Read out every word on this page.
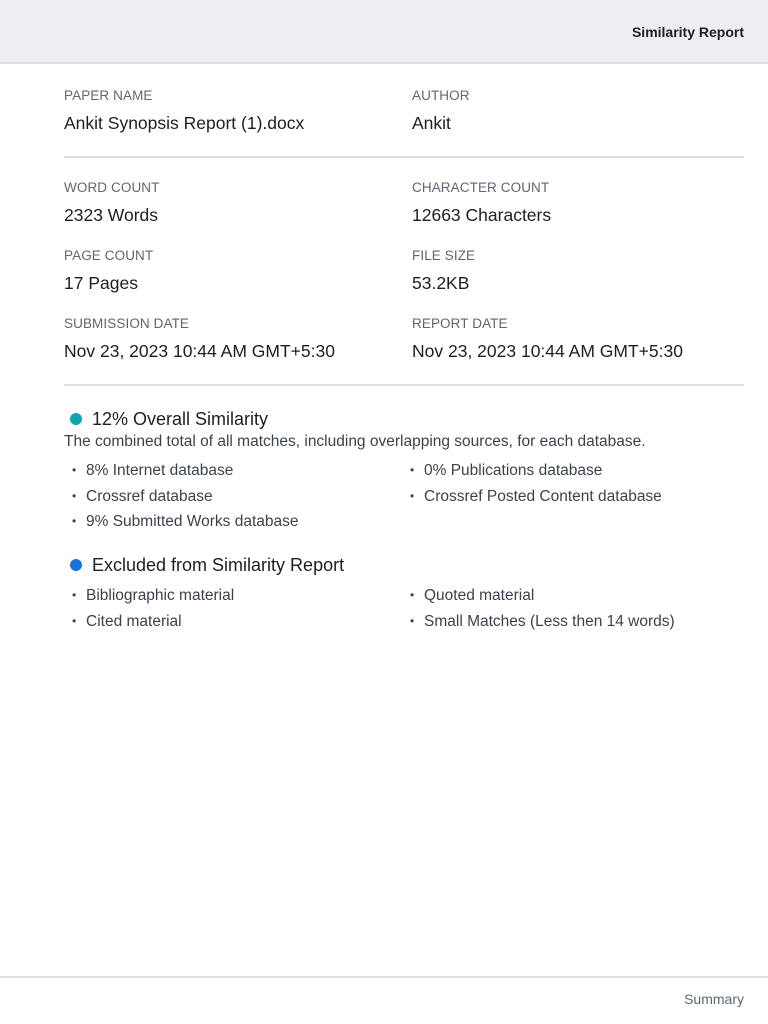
Similarity Report
PAPER NAME
Ankit Synopsis Report (1).docx
AUTHOR
Ankit
WORD COUNT
2323 Words
CHARACTER COUNT
12663 Characters
PAGE COUNT
17 Pages
FILE SIZE
53.2KB
SUBMISSION DATE
Nov 23, 2023 10:44 AM GMT+5:30
REPORT DATE
Nov 23, 2023 10:44 AM GMT+5:30
12% Overall Similarity
The combined total of all matches, including overlapping sources, for each database.
• 8% Internet database
• Crossref database
• 9% Submitted Works database
• 0% Publications database
• Crossref Posted Content database
Excluded from Similarity Report
• Bibliographic material
• Cited material
• Quoted material
• Small Matches (Less then 14 words)
Summary
